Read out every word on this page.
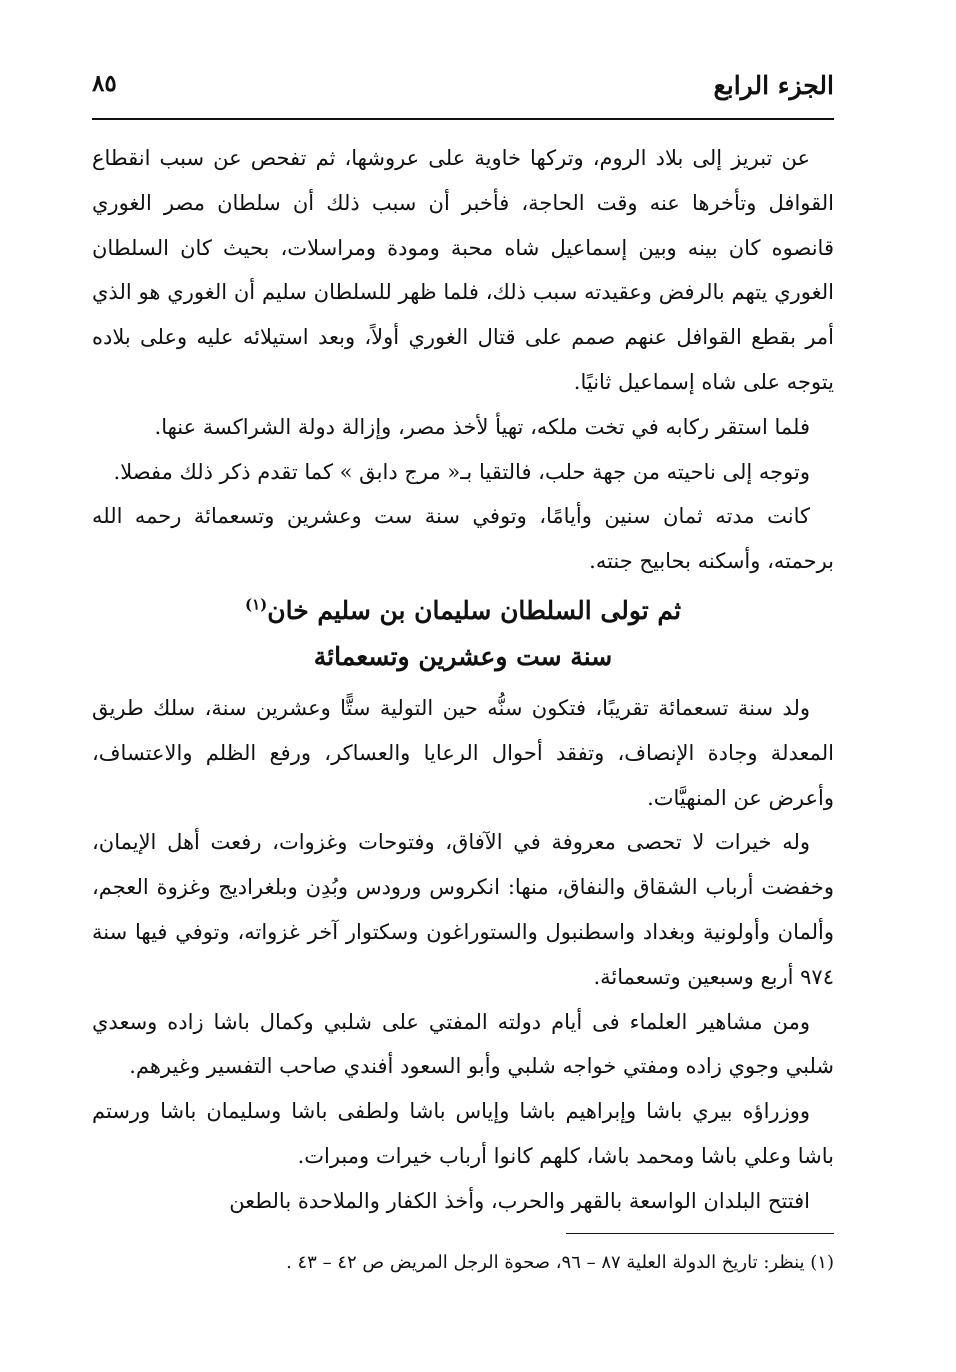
الجزء الرابع
٨٥

عن تبريز إلى بلاد الروم، وتركها خاوية على عروشها، ثم تفحص عن سبب انقطاع القوافل وتأخرها عنه وقت الحاجة، فأخبر أن سبب ذلك أن سلطان مصر الغوري قانصوه كان بينه وبين إسماعيل شاه محبة ومودة ومراسلات، بحيث كان السلطان الغوري يتهم بالرفض وعقيدته سبب ذلك، فلما ظهر للسلطان سليم أن الغوري هو الذي أمر بقطع القوافل عنهم صمم على قتال الغوري أولاً، وبعد استيلائه عليه وعلى بلاده يتوجه على شاه إسماعيل ثانيًا.

فلما استقر ركابه في تخت ملكه، تهيأ لأخذ مصر، وإزالة دولة الشراكسة عنها.

وتوجه إلى ناحيته من جهة حلب، فالتقيا بـ« مرج دابق » كما تقدم ذكر ذلك مفصلا.

كانت مدته ثمان سنين وأيامًا، وتوفي سنة ست وعشرين وتسعمائة رحمه الله برحمته، وأسكنه بحابيح جنته.

ثم تولى السلطان سليمان بن سليم خان$^{(١)}$
سنة ست وعشرين وتسعمائة

ولد سنة تسعمائة تقريبًا، فتكون سنُّه حين التولية ستًّا وعشرين سنة، سلك طريق المعدلة وجادة الإنصاف، وتفقد أحوال الرعايا والعساكر، ورفع الظلم والاعتساف، وأعرض عن المنهيَّات.

وله خيرات لا تحصى معروفة في الآفاق، وفتوحات وغزوات، رفعت أهل الإيمان، وخفضت أرباب الشقاق والنفاق، منها: انكروس ورودس وبُدِن وبلغراديج وغزوة العجم، وألمان وأولونية وبغداد واسطنبول والستوراغون وسكتوار آخر غزواته، وتوفي فيها سنة ٩٧٤ أربع وسبعين وتسعمائة.

ومن مشاهير العلماء فى أيام دولته المفتي على شلبي وكمال باشا زاده وسعدي شلبي وجوي زاده ومفتي خواجه شلبي وأبو السعود أفندي صاحب التفسير وغيرهم.

ووزراؤه بيري باشا وإبراهيم باشا وإياس باشا ولطفى باشا وسليمان باشا ورستم باشا وعلي باشا ومحمد باشا، كلهم كانوا أرباب خيرات ومبرات.

افتتح البلدان الواسعة بالقهر والحرب، وأخذ الكفار والملاحدة بالطعن

(١) ينظر: تاريخ الدولة العلية ٨٧ – ٩٦، صحوة الرجل المريض ص ٤٢ – ٤٣ .
